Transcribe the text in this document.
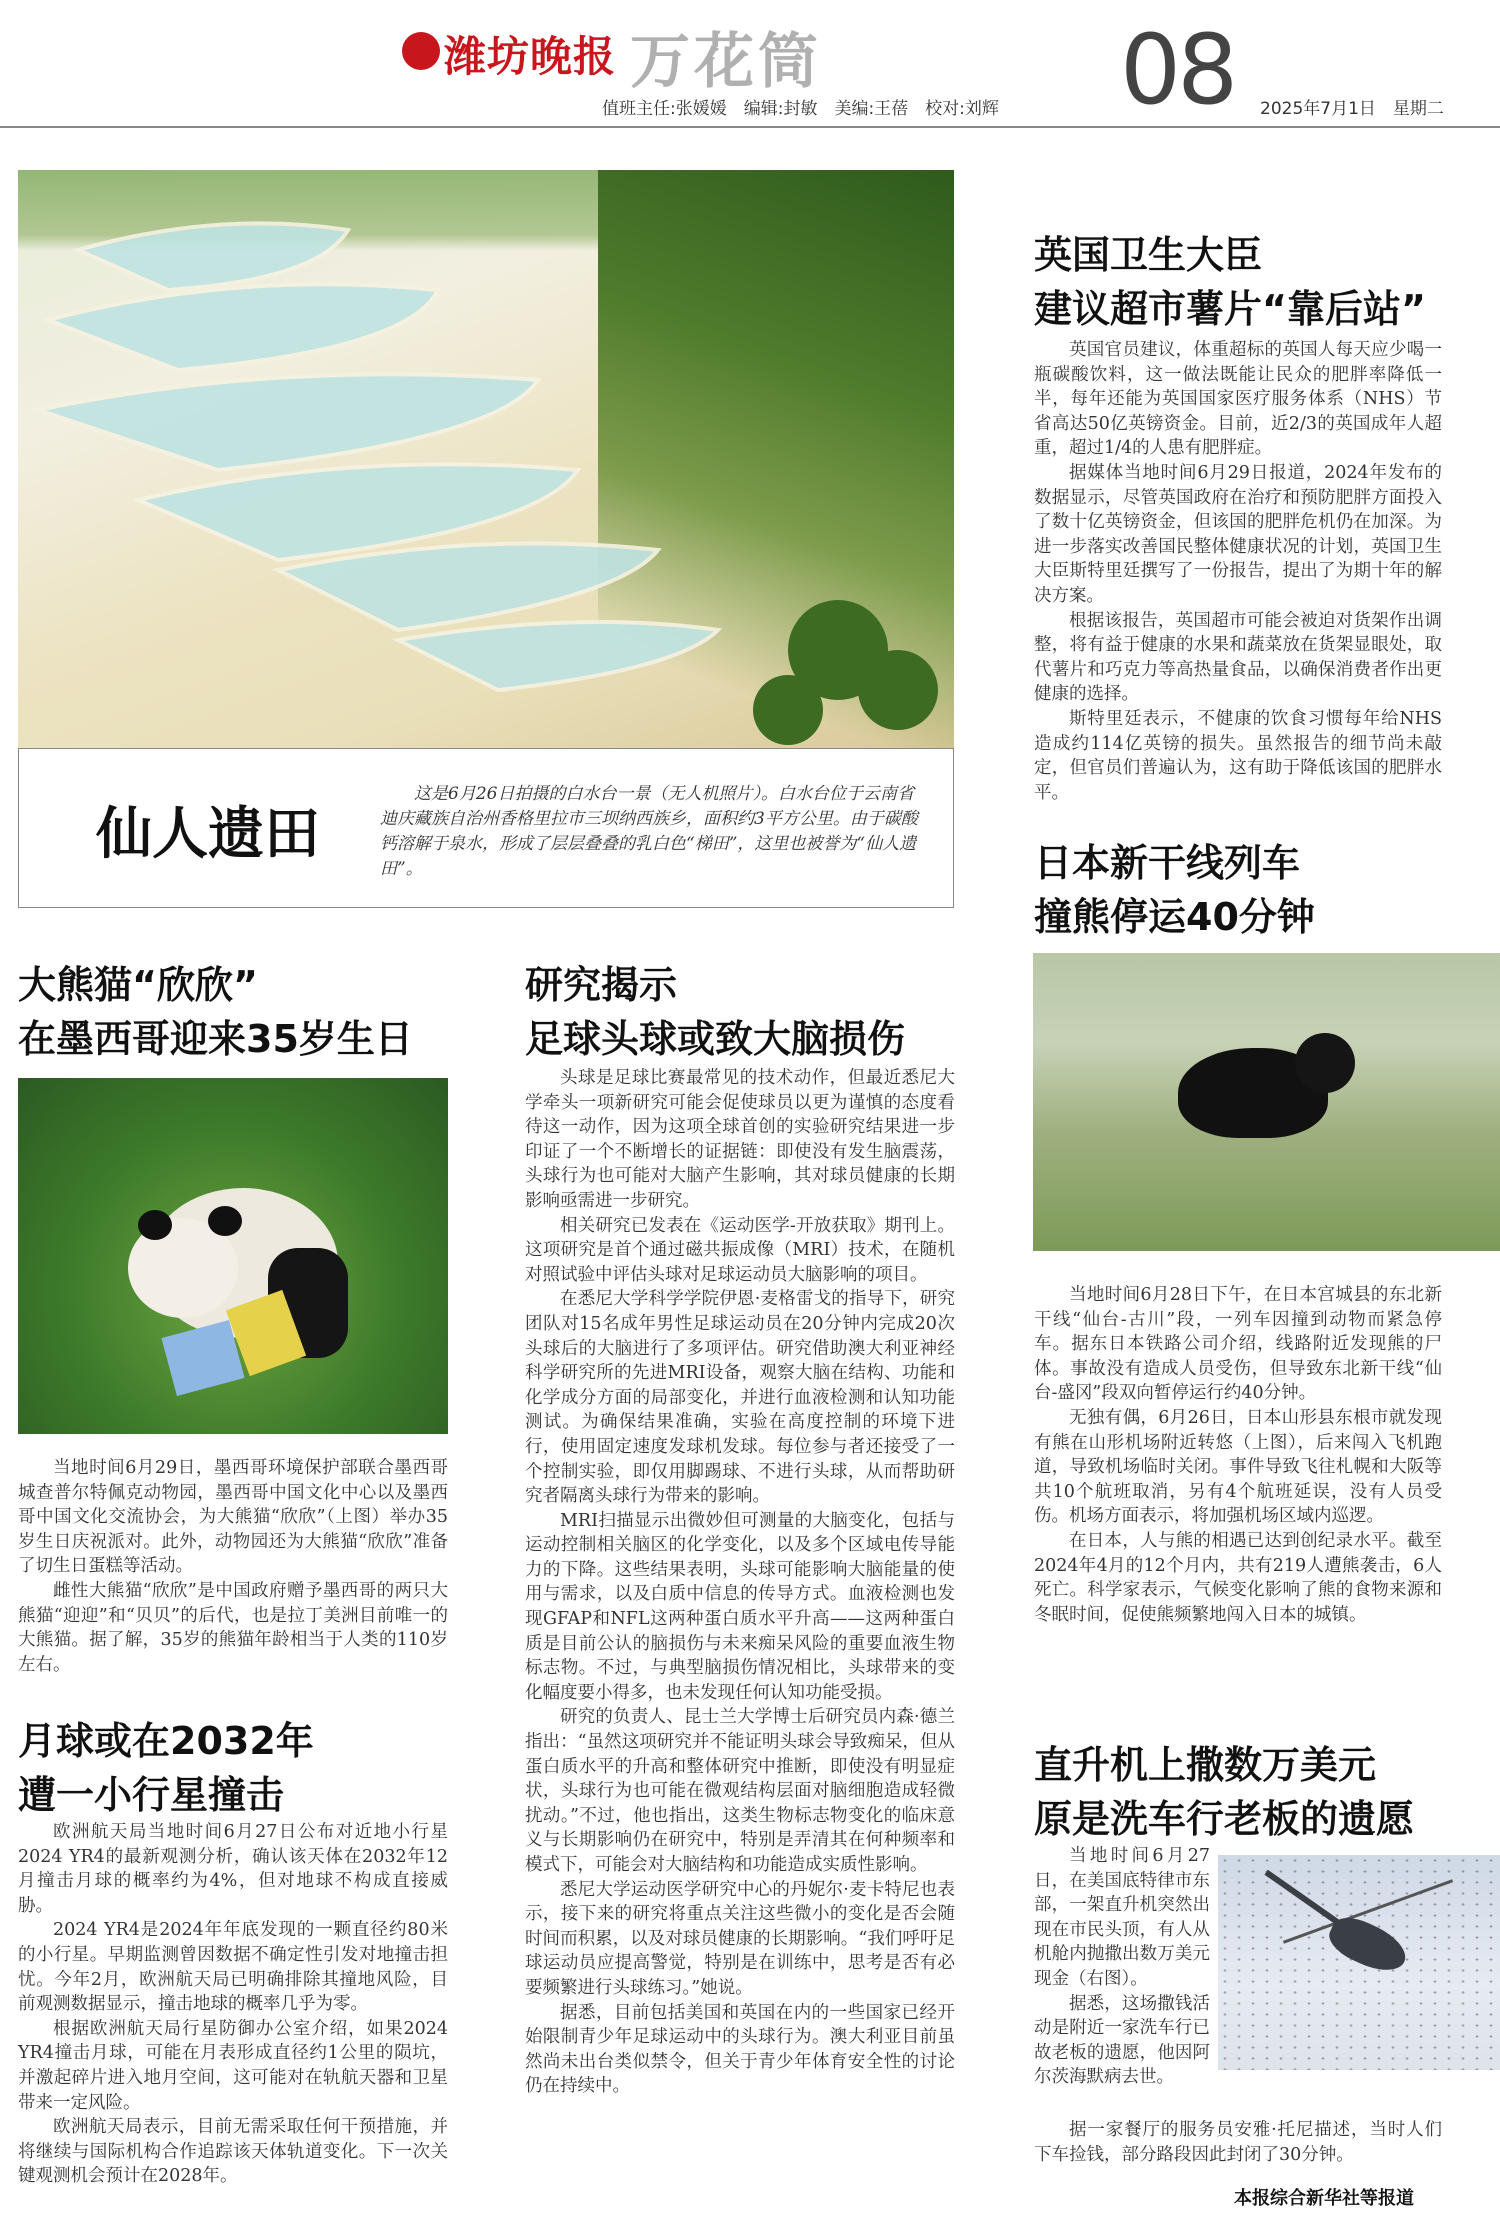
潍坊晚报 万花筒
值班主任:张媛媛　编辑:封敏　美编:王蓓　校对:刘辉 08 2025年7月1日　星期二
仙人遗田

这是6月26日拍摄的白水台一景（无人机照片）。白水台位于云南省迪庆藏族自治州香格里拉市三坝纳西族乡，面积约3平方公里。由于碳酸钙溶解于泉水，形成了层层叠叠的乳白色“梯田”，这里也被誉为“仙人遗田”。

英国卫生大臣
建议超市薯片“靠后站”

英国官员建议，体重超标的英国人每天应少喝一瓶碳酸饮料，这一做法既能让民众的肥胖率降低一半，每年还能为英国国家医疗服务体系（NHS）节省高达50亿英镑资金。目前，近2/3的英国成年人超重，超过1/4的人患有肥胖症。

据媒体当地时间6月29日报道，2024年发布的数据显示，尽管英国政府在治疗和预防肥胖方面投入了数十亿英镑资金，但该国的肥胖危机仍在加深。为进一步落实改善国民整体健康状况的计划，英国卫生大臣斯特里廷撰写了一份报告，提出了为期十年的解决方案。

根据该报告，英国超市可能会被迫对货架作出调整，将有益于健康的水果和蔬菜放在货架显眼处，取代薯片和巧克力等高热量食品，以确保消费者作出更健康的选择。

斯特里廷表示，不健康的饮食习惯每年给NHS造成约114亿英镑的损失。虽然报告的细节尚未敲定，但官员们普遍认为，这有助于降低该国的肥胖水平。

日本新干线列车
撞熊停运40分钟

当地时间6月28日下午，在日本宫城县的东北新干线“仙台-古川”段，一列车因撞到动物而紧急停车。据东日本铁路公司介绍，线路附近发现熊的尸体。事故没有造成人员受伤，但导致东北新干线“仙台-盛冈”段双向暂停运行约40分钟。

无独有偶，6月26日，日本山形县东根市就发现有熊在山形机场附近转悠（上图），后来闯入飞机跑道，导致机场临时关闭。事件导致飞往札幌和大阪等共10个航班取消，另有4个航班延误，没有人员受伤。机场方面表示，将加强机场区域内巡逻。

在日本，人与熊的相遇已达到创纪录水平。截至2024年4月的12个月内，共有219人遭熊袭击，6人死亡。科学家表示，气候变化影响了熊的食物来源和冬眠时间，促使熊频繁地闯入日本的城镇。

直升机上撒数万美元
原是洗车行老板的遗愿

当地时间6月27日，在美国底特律市东部，一架直升机突然出现在市民头顶，有人从机舱内抛撒出数万美元现金（右图）。

据悉，这场撒钱活动是附近一家洗车行已故老板的遗愿，他因阿尔茨海默病去世。

据一家餐厅的服务员安雅·托尼描述，当时人们下车捡钱，部分路段因此封闭了30分钟。

本报综合新华社等报道
大熊猫“欣欣”
在墨西哥迎来35岁生日

当地时间6月29日，墨西哥环境保护部联合墨西哥城查普尔特佩克动物园，墨西哥中国文化中心以及墨西哥中国文化交流协会，为大熊猫“欣欣”（上图）举办35岁生日庆祝派对。此外，动物园还为大熊猫“欣欣”准备了切生日蛋糕等活动。

雌性大熊猫“欣欣”是中国政府赠予墨西哥的两只大熊猫“迎迎”和“贝贝”的后代，也是拉丁美洲目前唯一的大熊猫。据了解，35岁的熊猫年龄相当于人类的110岁左右。

月球或在2032年
遭一小行星撞击

欧洲航天局当地时间6月27日公布对近地小行星2024 YR4的最新观测分析，确认该天体在2032年12月撞击月球的概率约为4%，但对地球不构成直接威胁。

2024 YR4是2024年年底发现的一颗直径约80米的小行星。早期监测曾因数据不确定性引发对地撞击担忧。今年2月，欧洲航天局已明确排除其撞地风险，目前观测数据显示，撞击地球的概率几乎为零。

根据欧洲航天局行星防御办公室介绍，如果2024 YR4撞击月球，可能在月表形成直径约1公里的陨坑，并激起碎片进入地月空间，这可能对在轨航天器和卫星带来一定风险。

欧洲航天局表示，目前无需采取任何干预措施，并将继续与国际机构合作追踪该天体轨道变化。下一次关键观测机会预计在2028年。

研究揭示
足球头球或致大脑损伤

头球是足球比赛最常见的技术动作，但最近悉尼大学牵头一项新研究可能会促使球员以更为谨慎的态度看待这一动作，因为这项全球首创的实验研究结果进一步印证了一个不断增长的证据链：即使没有发生脑震荡，头球行为也可能对大脑产生影响，其对球员健康的长期影响亟需进一步研究。

相关研究已发表在《运动医学-开放获取》期刊上。这项研究是首个通过磁共振成像（MRI）技术，在随机对照试验中评估头球对足球运动员大脑影响的项目。

在悉尼大学科学学院伊恩·麦格雷戈的指导下，研究团队对15名成年男性足球运动员在20分钟内完成20次头球后的大脑进行了多项评估。研究借助澳大利亚神经科学研究所的先进MRI设备，观察大脑在结构、功能和化学成分方面的局部变化，并进行血液检测和认知功能测试。为确保结果准确，实验在高度控制的环境下进行，使用固定速度发球机发球。每位参与者还接受了一个控制实验，即仅用脚踢球、不进行头球，从而帮助研究者隔离头球行为带来的影响。

MRI扫描显示出微妙但可测量的大脑变化，包括与运动控制相关脑区的化学变化，以及多个区域电传导能力的下降。这些结果表明，头球可能影响大脑能量的使用与需求，以及白质中信息的传导方式。血液检测也发现GFAP和NFL这两种蛋白质水平升高——这两种蛋白质是目前公认的脑损伤与未来痴呆风险的重要血液生物标志物。不过，与典型脑损伤情况相比，头球带来的变化幅度要小得多，也未发现任何认知功能受损。

研究的负责人、昆士兰大学博士后研究员内森·德兰指出：“虽然这项研究并不能证明头球会导致痴呆，但从蛋白质水平的升高和整体研究中推断，即使没有明显症状，头球行为也可能在微观结构层面对脑细胞造成轻微扰动。”不过，他也指出，这类生物标志物变化的临床意义与长期影响仍在研究中，特别是弄清其在何种频率和模式下，可能会对大脑结构和功能造成实质性影响。

悉尼大学运动医学研究中心的丹妮尔·麦卡特尼也表示，接下来的研究将重点关注这些微小的变化是否会随时间而积累，以及对球员健康的长期影响。“我们呼吁足球运动员应提高警觉，特别是在训练中，思考是否有必要频繁进行头球练习。”她说。

据悉，目前包括美国和英国在内的一些国家已经开始限制青少年足球运动中的头球行为。澳大利亚目前虽然尚未出台类似禁令，但关于青少年体育安全性的讨论仍在持续中。
